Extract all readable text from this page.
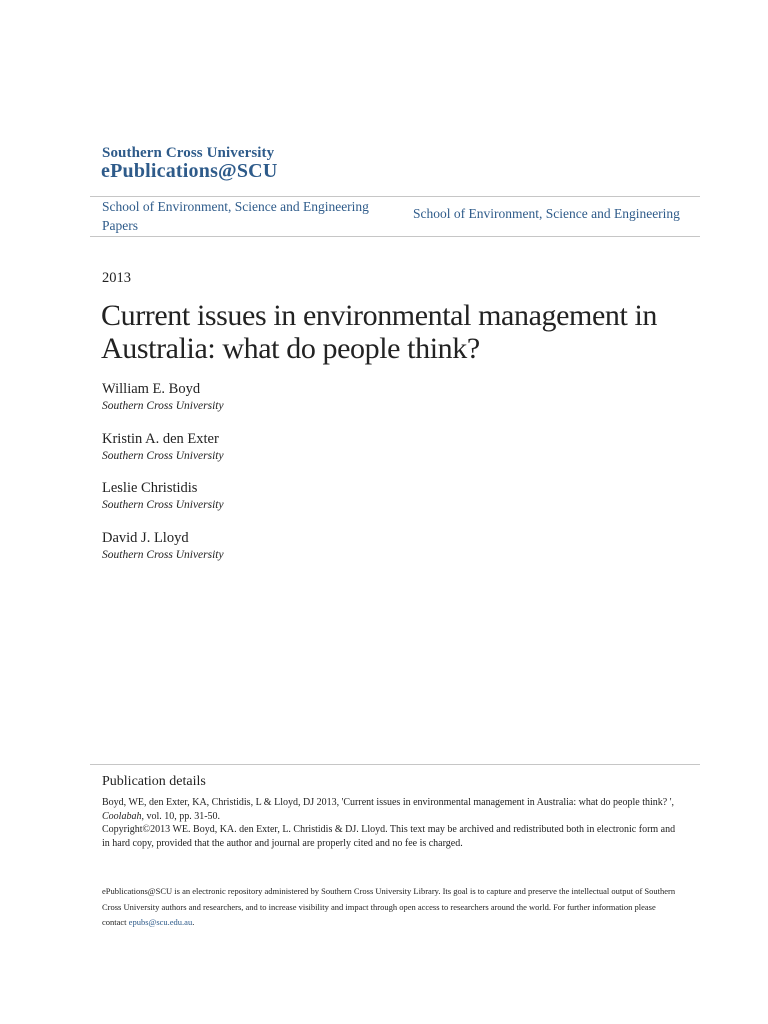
Southern Cross University
ePublications@SCU
School of Environment, Science and Engineering Papers
School of Environment, Science and Engineering
2013
Current issues in environmental management in Australia: what do people think?
William E. Boyd
Southern Cross University
Kristin A. den Exter
Southern Cross University
Leslie Christidis
Southern Cross University
David J. Lloyd
Southern Cross University
Publication details
Boyd, WE, den Exter, KA, Christidis, L & Lloyd, DJ 2013, 'Current issues in environmental management in Australia: what do people think? ', Coolabah, vol. 10, pp. 31-50.
Copyright©2013 WE. Boyd, KA. den Exter, L. Christidis & DJ. Lloyd. This text may be archived and redistributed both in electronic form and in hard copy, provided that the author and journal are properly cited and no fee is charged.
ePublications@SCU is an electronic repository administered by Southern Cross University Library. Its goal is to capture and preserve the intellectual output of Southern Cross University authors and researchers, and to increase visibility and impact through open access to researchers around the world. For further information please contact epubs@scu.edu.au.
